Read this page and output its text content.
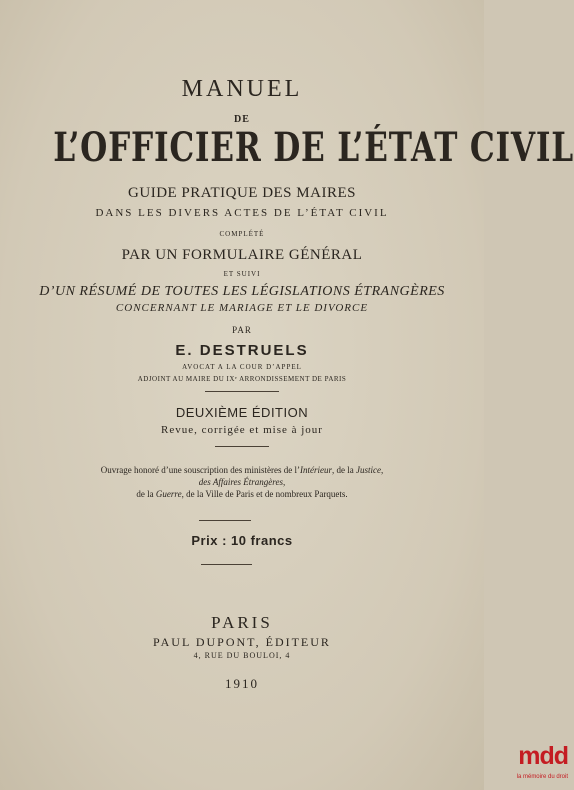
MANUEL
DE
L’OFFICIER DE L’ÉTAT CIVIL
GUIDE PRATIQUE DES MAIRES
DANS LES DIVERS ACTES DE L’ÉTAT CIVIL
COMPLÉTÉ
PAR UN FORMULAIRE GÉNÉRAL
ET SUIVI
D’UN RÉSUMÉ DE TOUTES LES LÉGISLATIONS ÉTRANGÈRES
CONCERNANT LE MARIAGE ET LE DIVORCE
PAR
E. DESTRUELS
AVOCAT A LA COUR D’APPEL
ADJOINT AU MAIRE DU IXᵉ ARRONDISSEMENT DE PARIS
DEUXIÈME ÉDITION
Revue, corrigée et mise à jour
Ouvrage honoré d’une souscription des ministères de l’Intérieur, de la Justice,
des Affaires Étrangères,
de la Guerre, de la Ville de Paris et de nombreux Parquets.
Prix : 10 francs
PARIS
PAUL DUPONT, ÉDITEUR
4, RUE DU BOULOI, 4
1910
mdd
la mémoire du droit
